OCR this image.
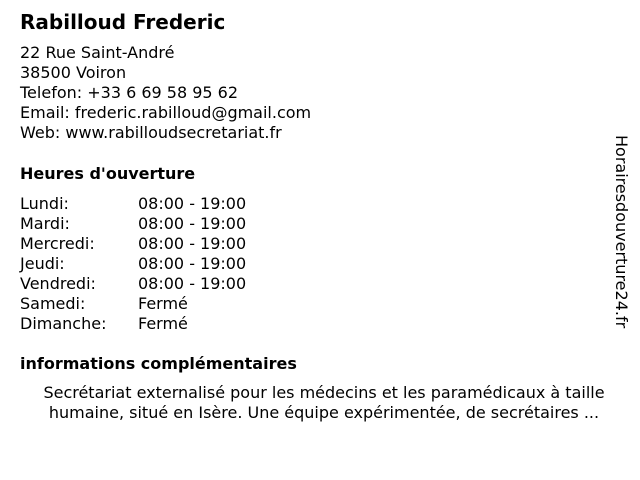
Rabilloud Frederic
22 Rue Saint-André
38500 Voiron
Telefon: +33 6 69 58 95 62
Email: frederic.rabilloud@gmail.com
Web: www.rabilloudsecretariat.fr
Heures d'ouverture
Lundi:	08:00 - 19:00
Mardi:	08:00 - 19:00
Mercredi:	08:00 - 19:00
Jeudi:	08:00 - 19:00
Vendredi:	08:00 - 19:00
Samedi:	Fermé
Dimanche: Fermé
informations complémentaires
Secrétariat externalisé pour les médecins et les paramédicaux à taille
humaine, situé en Isère. Une équipe expérimentée, de secrétaires ...
Horairesdouverture24.fr
